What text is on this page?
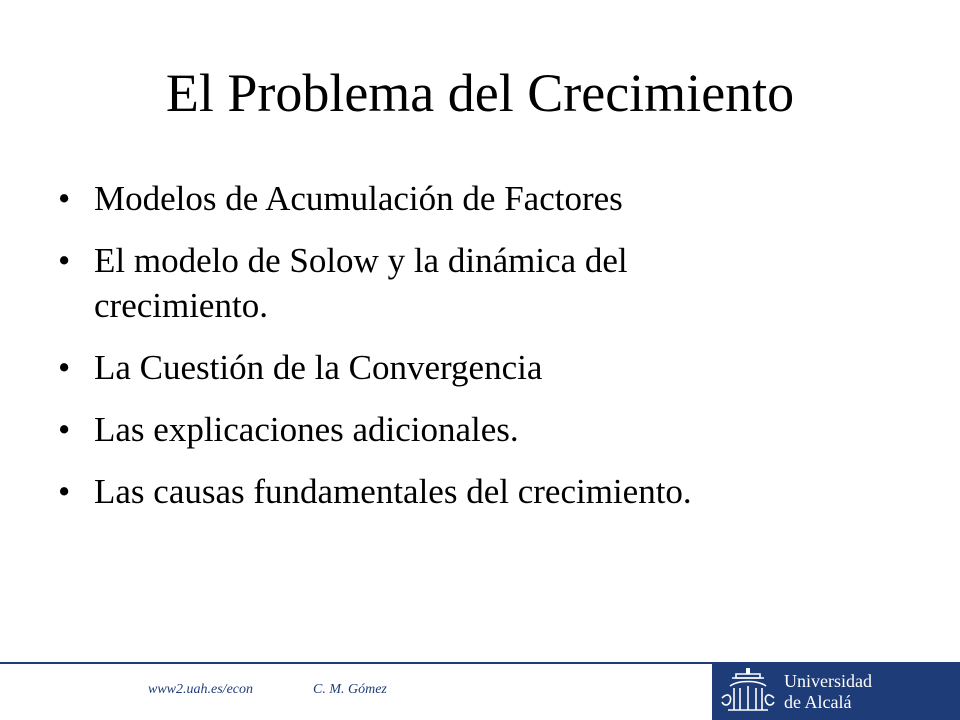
El Problema del Crecimiento
• Modelos de Acumulación de Factores
• El modelo de Solow y la dinámica del crecimiento.
• La Cuestión de la Convergencia
• Las explicaciones adicionales.
• Las causas fundamentales del crecimiento.
www2.uah.es/econ	C. M. Gómez	Universidad
de Alcalá
